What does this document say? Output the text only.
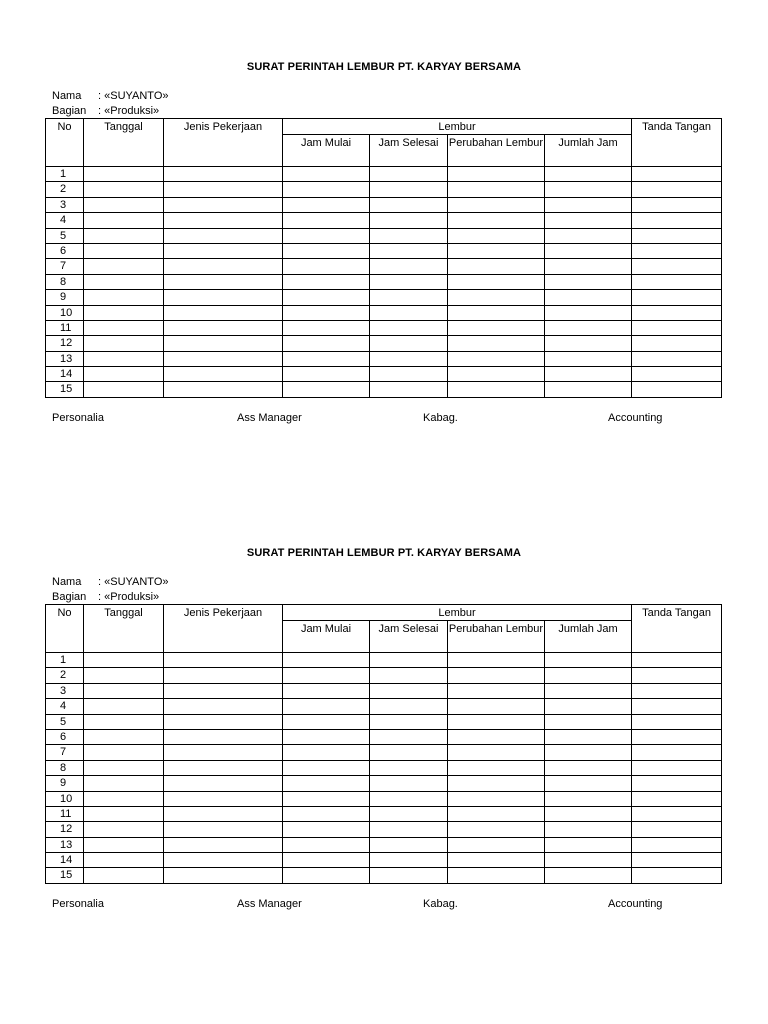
SURAT PERINTAH LEMBUR PT. KARYAY BERSAMA
Nama : «SUYANTO»
Bagian : «Produksi»
No	Tanggal	Jenis Pekerjaan	Lembur				Tanda Tangan
			Jam Mulai	Jam Selesai	Perubahan Lembur	Jumlah Jam	
1							
2							
3							
4							
5							
6							
7							
8							
9							
10							
11							
12							
13							
14							
15							
Personalia	Ass Manager	Kabag.	Accounting
SURAT PERINTAH LEMBUR PT. KARYAY BERSAMA
Nama : «SUYANTO»
Bagian : «Produksi»
No	Tanggal	Jenis Pekerjaan	Lembur				Tanda Tangan
			Jam Mulai	Jam Selesai	Perubahan Lembur	Jumlah Jam	
1							
2							
3							
4							
5							
6							
7							
8							
9							
10							
11							
12							
13							
14							
15							
Personalia	Ass Manager	Kabag.	Accounting
